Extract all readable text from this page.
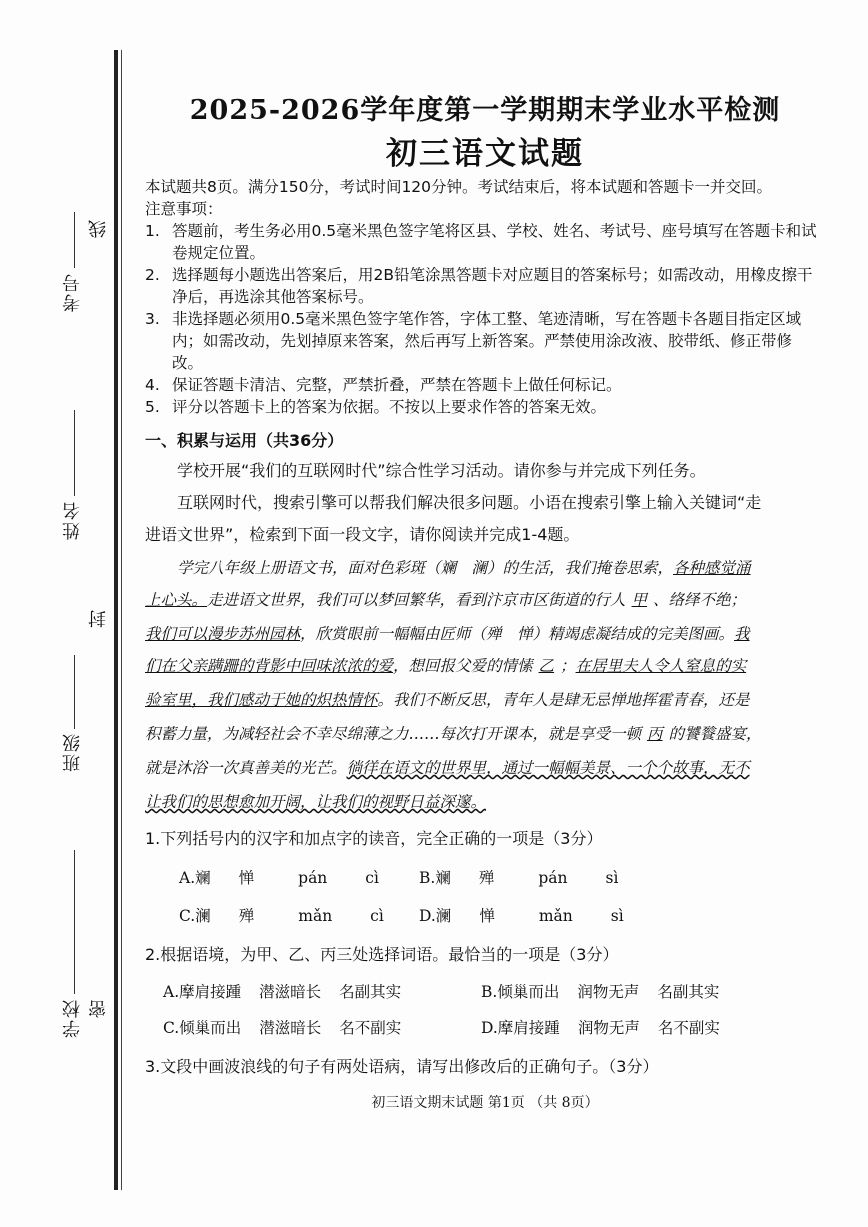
考号
线
姓名
封
班级
学校 密
2025-2026学年度第一学期期末学业水平检测
初三语文试题
本试题共8页。满分150分，考试时间120分钟。考试结束后，将本试题和答题卡一并交回。
注意事项：
1. 答题前，考生务必用0.5毫米黑色签字笔将区县、学校、姓名、考试号、座号填写在答题卡和试卷规定位置。
2. 选择题每小题选出答案后，用2B铅笔涂黑答题卡对应题目的答案标号；如需改动，用橡皮擦干净后，再选涂其他答案标号。
3. 非选择题必须用0.5毫米黑色签字笔作答，字体工整、笔迹清晰，写在答题卡各题目指定区域内；如需改动，先划掉原来答案，然后再写上新答案。严禁使用涂改液、胶带纸、修正带修改。
4. 保证答题卡清洁、完整，严禁折叠，严禁在答题卡上做任何标记。
5. 评分以答题卡上的答案为依据。不按以上要求作答的答案无效。
一、积累与运用（共36分）
学校开展“我们的互联网时代”综合性学习活动。请你参与并完成下列任务。
互联网时代，搜索引擎可以帮我们解决很多问题。小语在搜索引擎上输入关键词“走
进语文世界”，检索到下面一段文字，请你阅读并完成1-4题。
学完八年级上册语文书，面对色彩斑（斓　澜）的生活，我们掩卷思索，各种感觉涌
上心头。走进语文世界，我们可以梦回繁华，看到汴京市区街道的行人 甲 、络绎不绝；
我们可以漫步苏州园林，欣赏眼前一幅幅由匠师（殚　惮）精竭虑凝结成的完美图画。我
们在父亲蹒跚的背影中回味浓浓的爱，想回报父爱的情愫 乙 ；在居里夫人令人窒息的实
验室里，我们感动于她的炽热情怀。我们不断反思，青年人是肆无忌惮地挥霍青春，还是
积蓄力量，为减轻社会不幸尽绵薄之力……每次打开课本，就是享受一顿 丙 的饕餮盛宴，
就是沐浴一次真善美的光芒。徜徉在语文的世界里，通过一幅幅美景、一个个故事，无不
让我们的思想愈加开阔，让我们的视野日益深邃。
1.下列括号内的汉字和加点字的读音，完全正确的一项是（3分）
A.斓 惮	pán cì	B.斓 殚	pán sì
C.澜 殚	mǎn cì D.澜 惮	mǎn sì
2.根据语境，为甲、乙、丙三处选择词语。最恰当的一项是（3分）
A.摩肩接踵 潜滋暗长 名副其实	B.倾巢而出 润物无声 名副其实
C.倾巢而出 潜滋暗长 名不副实	D.摩肩接踵 润物无声 名不副实
3.文段中画波浪线的句子有两处语病，请写出修改后的正确句子。（3分）
初三语文期末试题 第1页 （共 8页）
